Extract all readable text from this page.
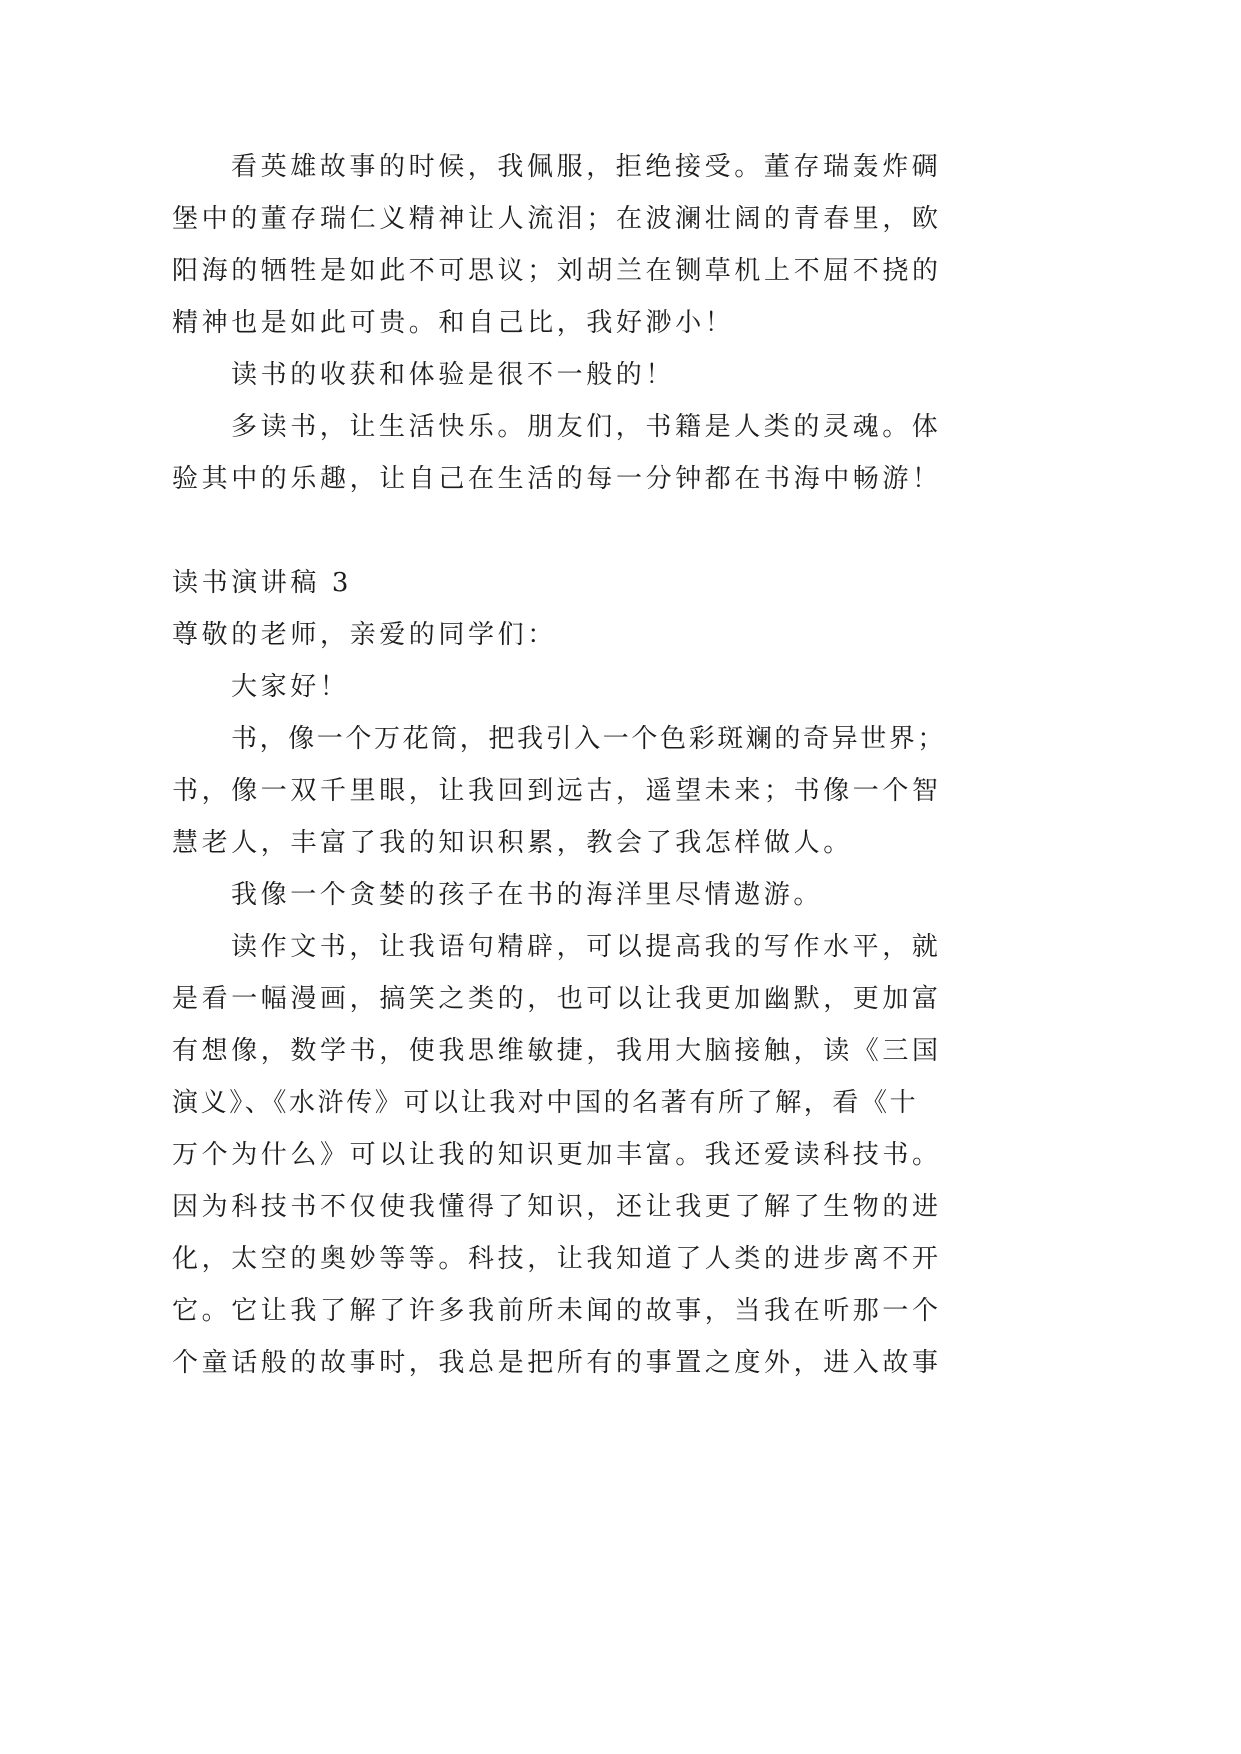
看英雄故事的时候，我佩服，拒绝接受。董存瑞轰炸碉
堡中的董存瑞仁义精神让人流泪；在波澜壮阔的青春里，欧
阳海的牺牲是如此不可思议；刘胡兰在铡草机上不屈不挠的
精神也是如此可贵。和自己比，我好渺小！
读书的收获和体验是很不一般的！
多读书，让生活快乐。朋友们，书籍是人类的灵魂。体
验其中的乐趣，让自己在生活的每一分钟都在书海中畅游！
读书演讲稿 3
尊敬的老师，亲爱的同学们：
大家好！
书，像一个万花筒，把我引入一个色彩斑斓的奇异世界；
书，像一双千里眼，让我回到远古，遥望未来；书像一个智
慧老人，丰富了我的知识积累，教会了我怎样做人。
我像一个贪婪的孩子在书的海洋里尽情遨游。
读作文书，让我语句精辟，可以提高我的写作水平，就
是看一幅漫画，搞笑之类的，也可以让我更加幽默，更加富
有想像，数学书，使我思维敏捷，我用大脑接触，读《三国
演义》、《水浒传》可以让我对中国的名著有所了解，看《十
万个为什么》可以让我的知识更加丰富。我还爱读科技书。
因为科技书不仅使我懂得了知识，还让我更了解了生物的进
化，太空的奥妙等等。科技，让我知道了人类的进步离不开
它。它让我了解了许多我前所未闻的故事，当我在听那一个
个童话般的故事时，我总是把所有的事置之度外，进入故事
